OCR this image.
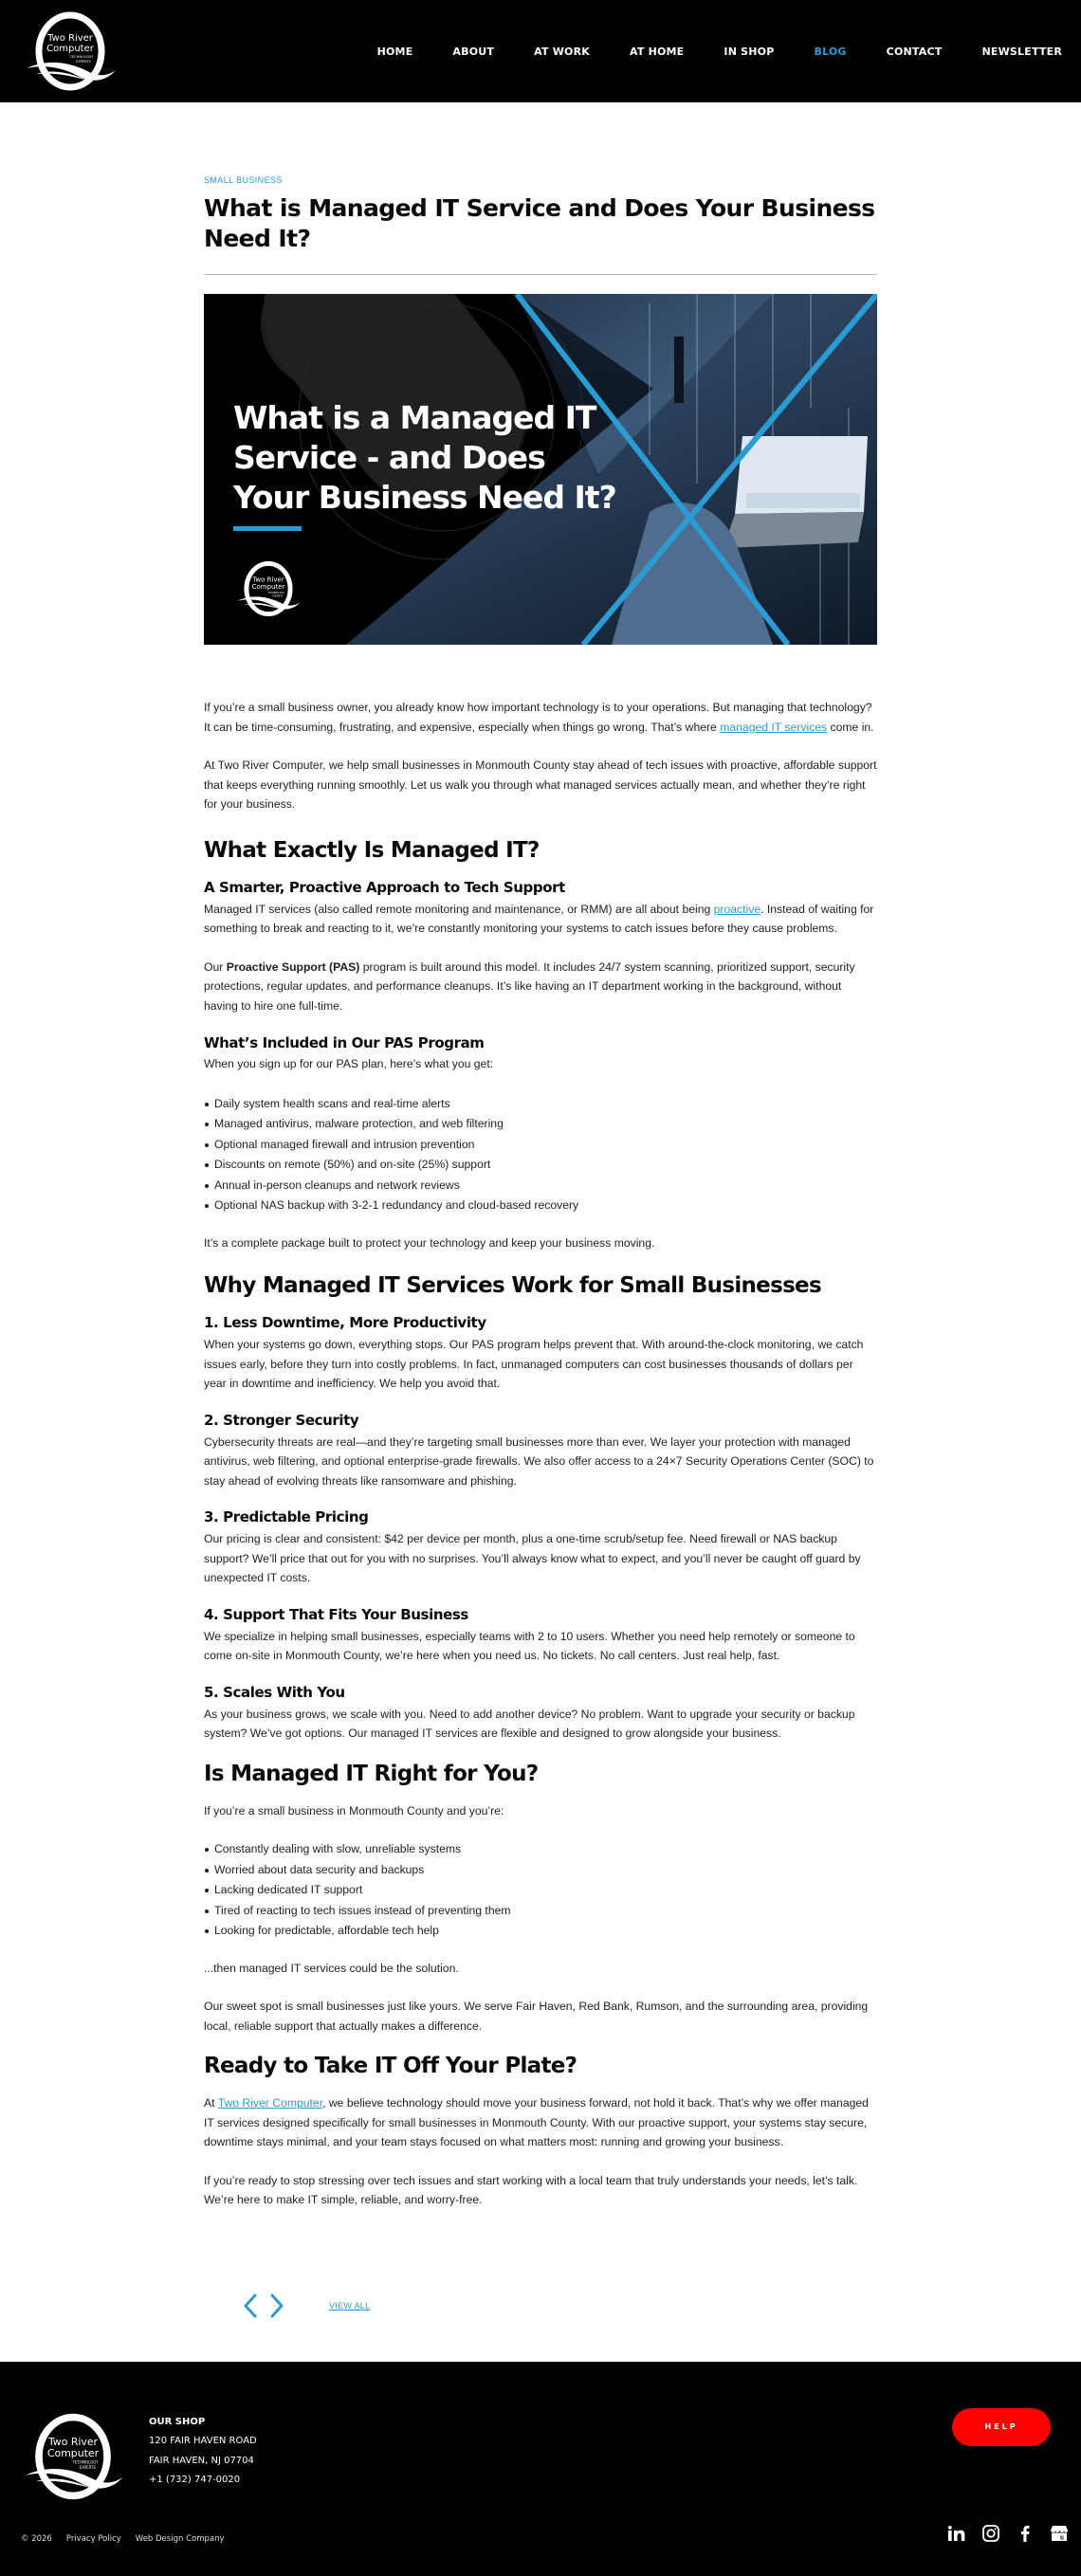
Two River
Computer
TECHNOLOGY
EXPERTS
HOME	ABOUT	AT WORK	AT HOME	IN SHOP	BLOG	CONTACT	NEWSLETTER
SMALL BUSINESS
What is Managed IT Service and Does Your Business Need It?
What is a Managed IT
Service - and Does
Your Business Need It?
Two River
Computer
TECHNOLOGY
EXPERTS

If you’re a small business owner, you already know how important technology is to your operations. But managing that technology? It can be time-consuming, frustrating, and expensive, especially when things go wrong. That’s where managed IT services come in.

At Two River Computer, we help small businesses in Monmouth County stay ahead of tech issues with proactive, affordable support that keeps everything running smoothly. Let us walk you through what managed services actually mean, and whether they’re right for your business.

What Exactly Is Managed IT?
A Smarter, Proactive Approach to Tech Support

Managed IT services (also called remote monitoring and maintenance, or RMM) are all about being proactive. Instead of waiting for something to break and reacting to it, we’re constantly monitoring your systems to catch issues before they cause problems.

Our Proactive Support (PAS) program is built around this model. It includes 24/7 system scanning, prioritized support, security protections, regular updates, and performance cleanups. It’s like having an IT department working in the background, without having to hire one full-time.

What’s Included in Our PAS Program

When you sign up for our PAS plan, here’s what you get:

Daily system health scans and real-time alerts
Managed antivirus, malware protection, and web filtering
Optional managed firewall and intrusion prevention
Discounts on remote (50%) and on-site (25%) support
Annual in-person cleanups and network reviews
Optional NAS backup with 3-2-1 redundancy and cloud-based recovery

It’s a complete package built to protect your technology and keep your business moving.

Why Managed IT Services Work for Small Businesses
1. Less Downtime, More Productivity

When your systems go down, everything stops. Our PAS program helps prevent that. With around-the-clock monitoring, we catch issues early, before they turn into costly problems. In fact, unmanaged computers can cost businesses thousands of dollars per year in downtime and inefficiency. We help you avoid that.

2. Stronger Security

Cybersecurity threats are real—and they’re targeting small businesses more than ever. We layer your protection with managed antivirus, web filtering, and optional enterprise-grade firewalls. We also offer access to a 24×7 Security Operations Center (SOC) to stay ahead of evolving threats like ransomware and phishing.

3. Predictable Pricing

Our pricing is clear and consistent: $42 per device per month, plus a one-time scrub/setup fee. Need firewall or NAS backup support? We’ll price that out for you with no surprises. You’ll always know what to expect, and you’ll never be caught off guard by unexpected IT costs.

4. Support That Fits Your Business

We specialize in helping small businesses, especially teams with 2 to 10 users. Whether you need help remotely or someone to come on-site in Monmouth County, we’re here when you need us. No tickets. No call centers. Just real help, fast.

5. Scales With You

As your business grows, we scale with you. Need to add another device? No problem. Want to upgrade your security or backup system? We’ve got options. Our managed IT services are flexible and designed to grow alongside your business.

Is Managed IT Right for You?

If you’re a small business in Monmouth County and you’re:

Constantly dealing with slow, unreliable systems
Worried about data security and backups
Lacking dedicated IT support
Tired of reacting to tech issues instead of preventing them
Looking for predictable, affordable tech help

...then managed IT services could be the solution.

Our sweet spot is small businesses just like yours. We serve Fair Haven, Red Bank, Rumson, and the surrounding area, providing local, reliable support that actually makes a difference.

Ready to Take IT Off Your Plate?

At Two River Computer, we believe technology should move your business forward, not hold it back. That’s why we offer managed IT services designed specifically for small businesses in Monmouth County. With our proactive support, your systems stay secure, downtime stays minimal, and your team stays focused on what matters most: running and growing your business.

If you’re ready to stop stressing over tech issues and start working with a local team that truly understands your needs, let’s talk. We’re here to make IT simple, reliable, and worry-free.

VIEW ALL
Two River
Computer
TECHNOLOGY
EXPERTS
OUR SHOP
120 FAIR HAVEN ROAD
FAIR HAVEN, NJ 07704
+1 (732) 747-0020
HELP
© 2026 Privacy Policy Web Design Company	G
